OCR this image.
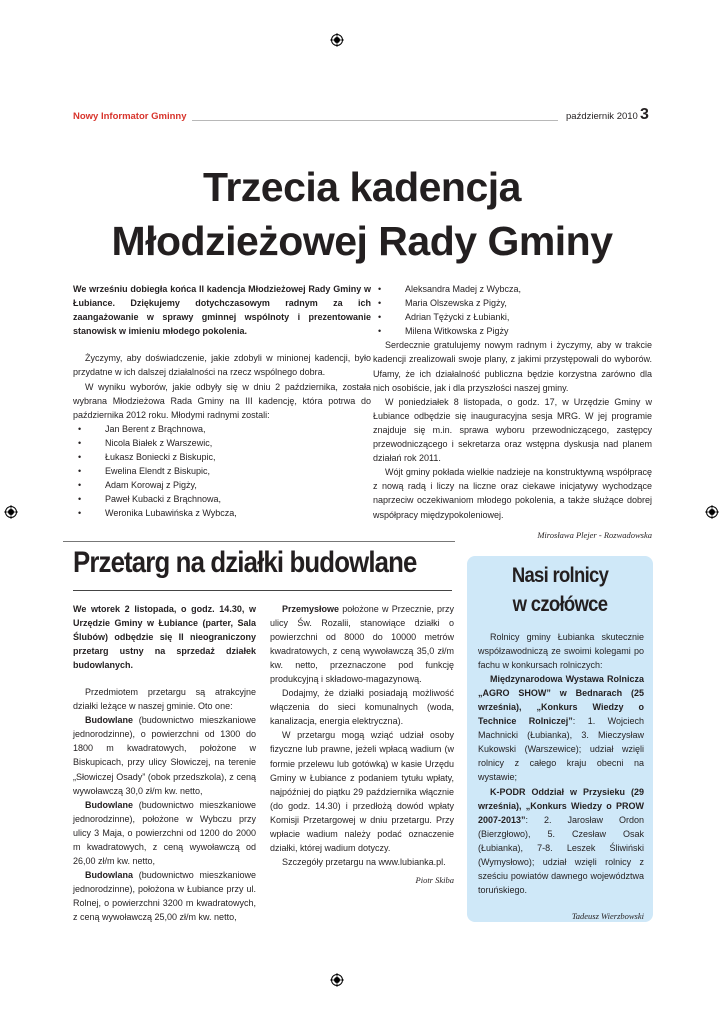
Nowy Informator Gminny	październik 2010 3
Trzecia kadencja
Młodzieżowej Rady Gminy

We wrześniu dobiegła końca II kadencja Młodzieżowej Rady Gminy w Łubiance. Dziękujemy dotychczasowym radnym za ich zaangażowanie w sprawy gminnej wspólnoty i prezentowanie stanowisk w imieniu młodego pokolenia.

Życzymy, aby doświadczenie, jakie zdobyli w minionej kadencji, było przydatne w ich dalszej działalności na rzecz wspólnego dobra.

W wyniku wyborów, jakie odbyły się w dniu 2 października, została wybrana Młodzieżowa Rada Gminy na III kadencję, która potrwa do października 2012 roku. Młodymi radnymi zostali:

• Jan Berent z Brąchnowa,
• Nicola Białek z Warszewic,
• Łukasz Boniecki z Biskupic,
• Ewelina Elendt z Biskupic,
• Adam Korowaj z Pigży,
• Paweł Kubacki z Brąchnowa,
• Weronika Lubawińska z Wybcza,
• Aleksandra Madej z Wybcza,
• Maria Olszewska z Pigży,
• Adrian Tężycki z Łubianki,
• Milena Witkowska z Pigży

Serdecznie gratulujemy nowym radnym i życzymy, aby w trakcie kadencji zrealizowali swoje plany, z jakimi przystępowali do wyborów. Ufamy, że ich działalność publiczna będzie korzystna zarówno dla nich osobiście, jak i dla przyszłości naszej gminy.

W poniedziałek 8 listopada, o godz. 17, w Urzędzie Gminy w Łubiance odbędzie się inauguracyjna sesja MRG. W jej programie znajduje się m.in. sprawa wyboru przewodniczącego, zastępcy przewodniczącego i sekretarza oraz wstępna dyskusja nad planem działań rok 2011.

Wójt gminy pokłada wielkie nadzieje na konstruktywną współpracę z nową radą i liczy na liczne oraz ciekawe inicjatywy wychodzące naprzeciw oczekiwaniom młodego pokolenia, a także służące dobrej współpracy międzypokoleniowej.

Mirosława Plejer - Rozwadowska
Przetarg na działki budowlane

We wtorek 2 listopada, o godz. 14.30, w Urzędzie Gminy w Łubiance (parter, Sala Ślubów) odbędzie się II nieograniczony przetarg ustny na sprzedaż działek budowlanych.

Przedmiotem przetargu są atrakcyjne działki leżące w naszej gminie. Oto one:

Budowlane (budownictwo mieszkaniowe jednorodzinne), o powierzchni od 1300 do 1800 m kwadratowych, położone w Biskupicach, przy ulicy Słowiczej, na terenie „Słowiczej Osady” (obok przedszkola), z ceną wywoławczą 30,0 zł/m kw. netto,

Budowlane (budownictwo mieszkaniowe jednorodzinne), położone w Wybczu przy ulicy 3 Maja, o powierzchni od 1200 do 2000 m kwadratowych, z ceną wywoławczą od 26,00 zł/m kw. netto,

Budowlana (budownictwo mieszkaniowe jednorodzinne), położona w Łubiance przy ul. Rolnej, o powierzchni 3200 m kwadratowych, z ceną wywoławczą 25,00 zł/m kw. netto,

Przemysłowe położone w Przecznie, przy ulicy Św. Rozalii, stanowiące działki o powierzchni od 8000 do 10000 metrów kwadratowych, z ceną wywoławczą 35,0 zł/m kw. netto, przeznaczone pod funkcję produkcyjną i składowo-magazynową.

Dodajmy, że działki posiadają możliwość włączenia do sieci komunalnych (woda, kanalizacja, energia elektryczna).

W przetargu mogą wziąć udział osoby fizyczne lub prawne, jeżeli wpłacą wadium (w formie przelewu lub gotówką) w kasie Urzędu Gminy w Łubiance z podaniem tytułu wpłaty, najpóźniej do piątku 29 października włącznie (do godz. 14.30) i przedłożą dowód wpłaty Komisji Przetargowej w dniu przetargu. Przy wpłacie wadium należy podać oznaczenie działki, której wadium dotyczy.

Szczegóły przetargu na www.lubianka.pl.

Piotr Skiba
Nasi rolnicy
w czołówce

Rolnicy gminy Łubianka skutecznie współzawodniczą ze swoimi kolegami po fachu w konkursach rolniczych:

Międzynarodowa Wystawa Rolnicza „AGRO SHOW” w Bednarach (25 września), „Konkurs Wiedzy o Technice Rolniczej”: 1. Wojciech Machnicki (Łubianka), 3. Mieczysław Kukowski (Warszewice); udział wzięli rolnicy z całego kraju obecni na wystawie;

K-PODR Oddział w Przysieku (29 września), „Konkurs Wiedzy o PROW 2007-2013”: 2. Jarosław Ordon (Bierzgłowo), 5. Czesław Osak (Łubianka), 7-8. Leszek Śliwiński (Wymysłowo); udział wzięli rolnicy z sześciu powiatów dawnego województwa toruńskiego.

Tadeusz Wierzbowski
